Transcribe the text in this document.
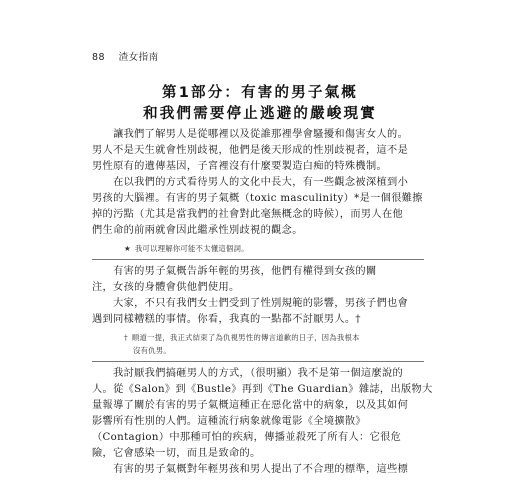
88 渣女指南
第1部分：有害的男子氣概
和我們需要停止逃避的嚴峻現實
　　讓我們了解男人是從哪裡以及從誰那裡學會騷擾和傷害女人的。
男人不是天生就會性別歧視，他們是後天形成的性別歧視者，這不是
男性原有的遺傳基因，子宮裡沒有什麼要製造白痴的特殊機制。
　　在以我們的方式看待男人的文化中長大，有一些觀念被深植到小
男孩的大腦裡。有害的男子氣概（toxic masculinity）*是一個很難擦
掉的污點（尤其是當我們的社會對此毫無概念的時候），而男人在他
們生命的前兩就會因此繼承性別歧視的觀念。
★ 我可以理解你可能不太懂這個詞。
　　有害的男子氣概告訴年輕的男孩，他們有權得到女孩的關
注，女孩的身體會供他們使用。
　　大家，不只有我們女士們受到了性別規範的影響，男孩子們也會
遇到同樣糟糕的事情。你看，我真的一點都不討厭男人。†
† 順道一提，我正式結束了為仇視男性的傳言道歉的日子，因為我根本
沒有仇男。
　　我討厭我們搞砸男人的方式，（很明顯）我不是第一個這麼說的
人。從《Salon》到《Bustle》再到《The Guardian》雜誌，出版物大
量報導了關於有害的男子氣概這種正在惡化當中的病象，以及其如何
影響所有性別的人們。這種流行病象就像電影《全境擴散》
（Contagion）中那種可怕的疾病，傳播並殺死了所有人：它很危
險，它會感染一切，而且是致命的。
　　有害的男子氣概對年輕男孩和男人提出了不合理的標準，這些標
